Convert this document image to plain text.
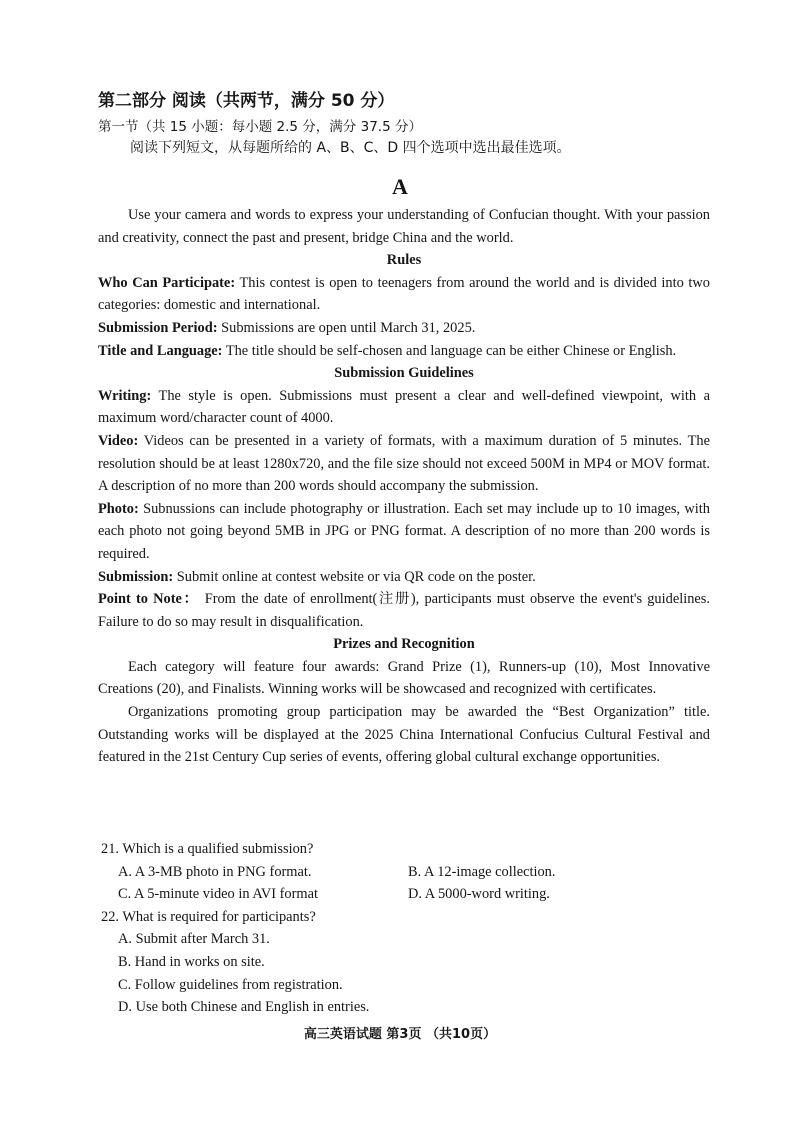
第二部分 阅读（共两节，满分 50 分）
第一节（共 15 小题：每小题 2.5 分，满分 37.5 分）
阅读下列短文，从每题所给的 A、B、C、D 四个选项中选出最佳选项。
A

Use your camera and words to express your understanding of Confucian thought. With your passion and creativity, connect the past and present, bridge China and the world.

Rules

Who Can Participate: This contest is open to teenagers from around the world and is divided into two categories: domestic and international.

Submission Period: Submissions are open until March 31, 2025.

Title and Language: The title should be self-chosen and language can be either Chinese or English.

Submission Guidelines

Writing: The style is open. Submissions must present a clear and well-defined viewpoint, with a maximum word/character count of 4000.

Video: Videos can be presented in a variety of formats, with a maximum duration of 5 minutes. The resolution should be at least 1280x720, and the file size should not exceed 500M in MP4 or MOV format. A description of no more than 200 words should accompany the submission.

Photo: Subnussions can include photography or illustration. Each set may include up to 10 images, with each photo not going beyond 5MB in JPG or PNG format. A description of no more than 200 words is required.

Submission: Submit online at contest website or via QR code on the poster.

Point to Note： From the date of enrollment(注册), participants must observe the event's guidelines. Failure to do so may result in disqualification.

Prizes and Recognition

Each category will feature four awards: Grand Prize (1), Runners-up (10), Most Innovative Creations (20), and Finalists. Winning works will be showcased and recognized with certificates.

Organizations promoting group participation may be awarded the “Best Organization” title. Outstanding works will be displayed at the 2025 China International Confucius Cultural Festival and featured in the 21st Century Cup series of events, offering global cultural exchange opportunities.

21. Which is a qualified submission?

A. A 3-MB photo in PNG format.	B. A 12-image collection.

C. A 5-minute video in AVI format	D. A 5000-word writing.

22. What is required for participants?

A. Submit after March 31.

B. Hand in works on site.

C. Follow guidelines from registration.

D. Use both Chinese and English in entries.

高三英语试题 第3页 （共10页）
